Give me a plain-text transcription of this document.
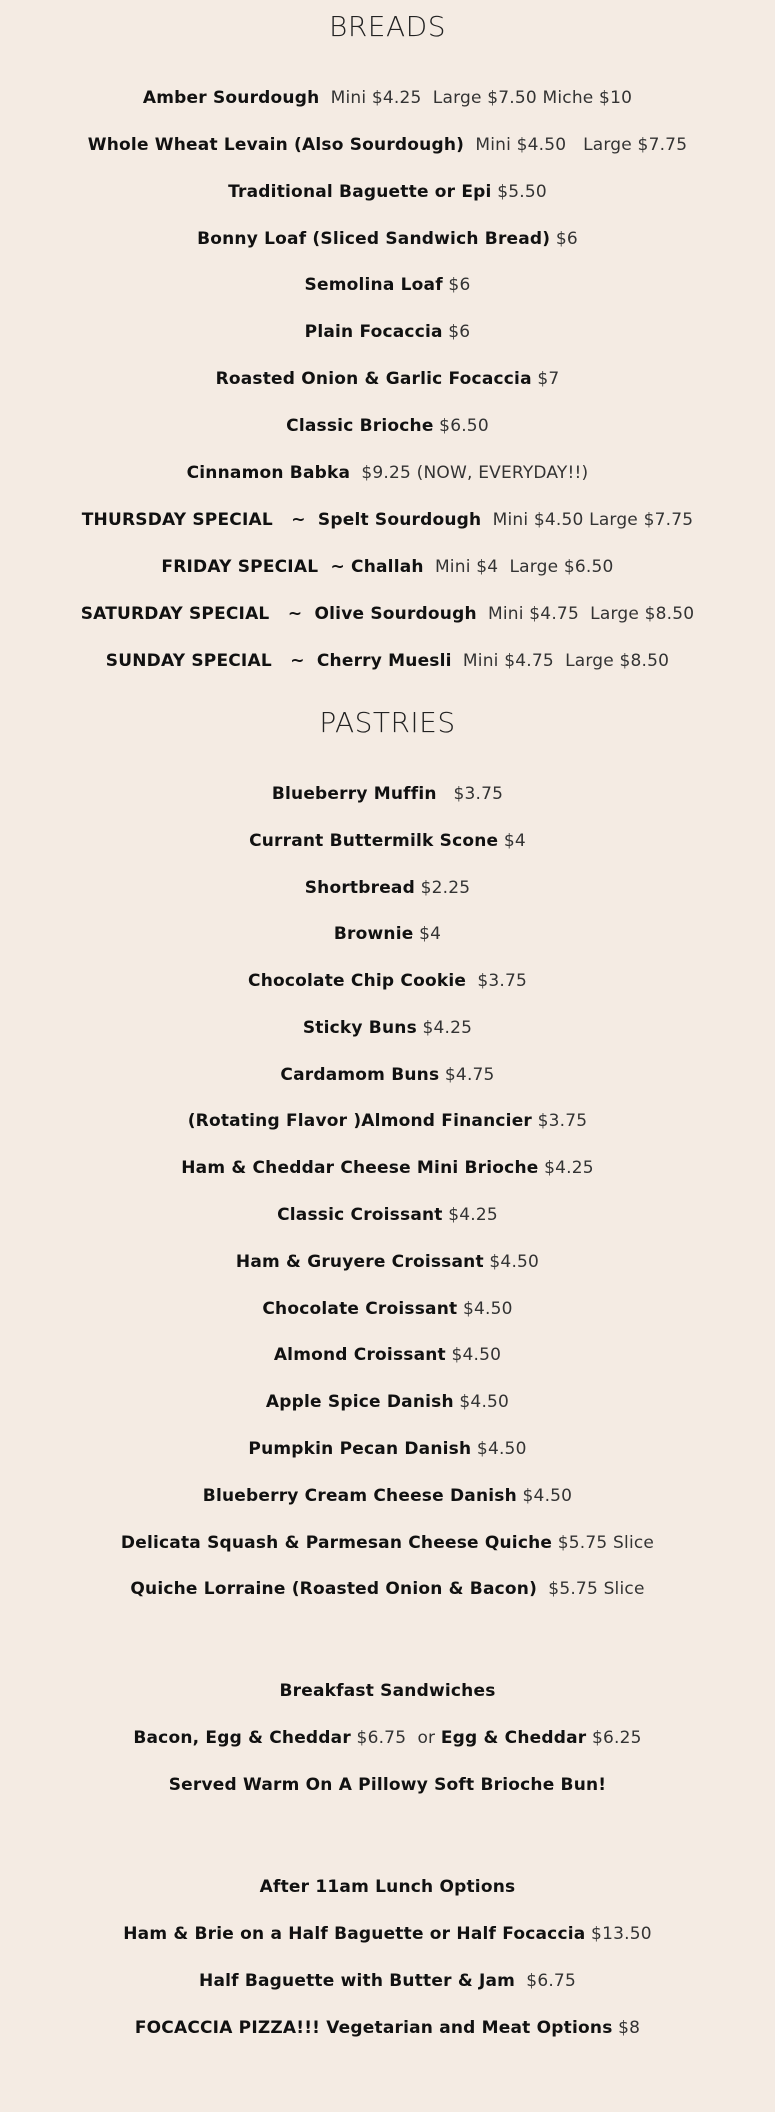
BREADS
Amber Sourdough Mini $4.25  Large $7.50 Miche $10
Whole Wheat Levain (Also Sourdough) Mini $4.50   Large $7.75
Traditional Baguette or Epi $5.50
Bonny Loaf (Sliced Sandwich Bread) $6
Semolina Loaf $6
Plain Focaccia $6
Roasted Onion & Garlic Focaccia $7
Classic Brioche $6.50
Cinnamon Babka $9.25 (NOW, EVERYDAY!!)
THURSDAY SPECIAL   ~  Spelt Sourdough Mini $4.50 Large $7.75
FRIDAY SPECIAL  ~ Challah Mini $4  Large $6.50
SATURDAY SPECIAL   ~  Olive Sourdough Mini $4.75  Large $8.50
SUNDAY SPECIAL   ~  Cherry Muesli Mini $4.75  Large $8.50
PASTRIES
Blueberry Muffin $3.75
Currant Buttermilk Scone $4
Shortbread $2.25
Brownie $4
Chocolate Chip Cookie $3.75
Sticky Buns $4.25
Cardamom Buns $4.75
(Rotating Flavor )Almond Financier $3.75
Ham & Cheddar Cheese Mini Brioche $4.25
Classic Croissant $4.25
Ham & Gruyere Croissant $4.50
Chocolate Croissant $4.50
Almond Croissant $4.50
Apple Spice Danish $4.50
Pumpkin Pecan Danish $4.50
Blueberry Cream Cheese Danish $4.50
Delicata Squash & Parmesan Cheese Quiche $5.75 Slice
Quiche Lorraine (Roasted Onion & Bacon) $5.75 Slice
Breakfast Sandwiches
Bacon, Egg & Cheddar $6.75 or Egg & Cheddar $6.25
Served Warm On A Pillowy Soft Brioche Bun!
After 11am Lunch Options
Ham & Brie on a Half Baguette or Half Focaccia $13.50
Half Baguette with Butter & Jam $6.75
FOCACCIA PIZZA!!! Vegetarian and Meat Options $8
